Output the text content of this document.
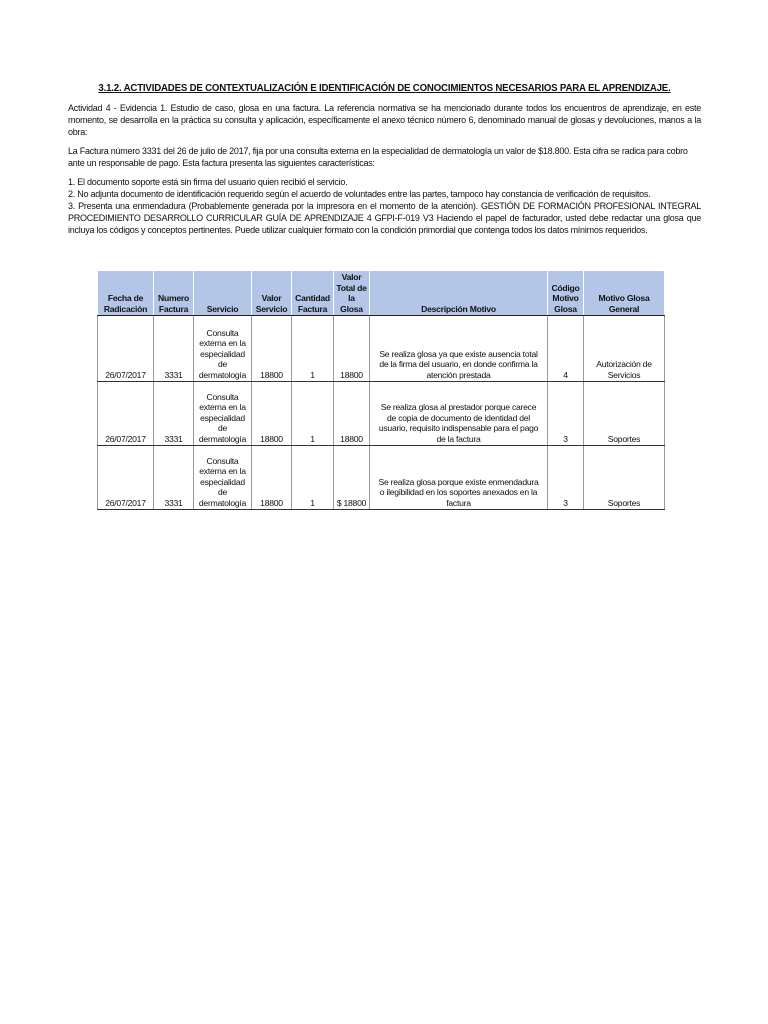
3.1.2. ACTIVIDADES DE CONTEXTUALIZACIÓN E IDENTIFICACIÓN DE CONOCIMIENTOS NECESARIOS PARA EL APRENDIZAJE.

Actividad 4 - Evidencia 1. Estudio de caso, glosa en una factura. La referencia normativa se ha mencionado durante todos los encuentros de aprendizaje, en este momento, se desarrolla en la práctica su consulta y aplicación, específicamente el anexo técnico número 6, denominado manual de glosas y devoluciones, manos a la obra:

La Factura número 3331 del 26 de julio de 2017, fija por una consulta externa en la especialidad de dermatología un valor de $18.800. Esta cifra se radica para cobro ante un responsable de pago. Esta factura presenta las siguientes características:

1. El documento soporte está sin firma del usuario quien recibió el servicio.
2. No adjunta documento de identificación requerido según el acuerdo de voluntades entre las partes, tampoco hay constancia de verificación de requisitos.
3. Presenta una enmendadura (Probablemente generada por la impresora en el momento de la atención). GESTIÓN DE FORMACIÓN PROFESIONAL INTEGRAL PROCEDIMIENTO DESARROLLO CURRICULAR GUÍA DE APRENDIZAJE 4 GFPI-F-019 V3 Haciendo el papel de facturador, usted debe redactar una glosa que incluya los códigos y conceptos pertinentes. Puede utilizar cualquier formato con la condición primordial que contenga todos los datos mínimos requeridos.
Fecha de Radicación	Numero Factura	Servicio	Valor Servicio	Cantidad Factura	Valor Total de la Glosa	Descripción Motivo	Código Motivo Glosa	Motivo Glosa General
26/07/2017	3331	Consulta externa en la especialidad de dermatología	18800	1	18800	Se realiza glosa ya que existe ausencia total de la firma del usuario, en donde confirma la atención prestada	4	Autorización de Servicios
26/07/2017	3331	Consulta externa en la especialidad de dermatología	18800	1	18800	Se realiza glosa al prestador porque carece de copia de documento de identidad del usuario, requisito indispensable para el pago de la factura	3	Soportes
26/07/2017	3331	Consulta externa en la especialidad de dermatología	18800	1	$ 18800	Se realiza glosa porque existe enmendadura o ilegibilidad en los soportes anexados en la factura	3	Soportes
